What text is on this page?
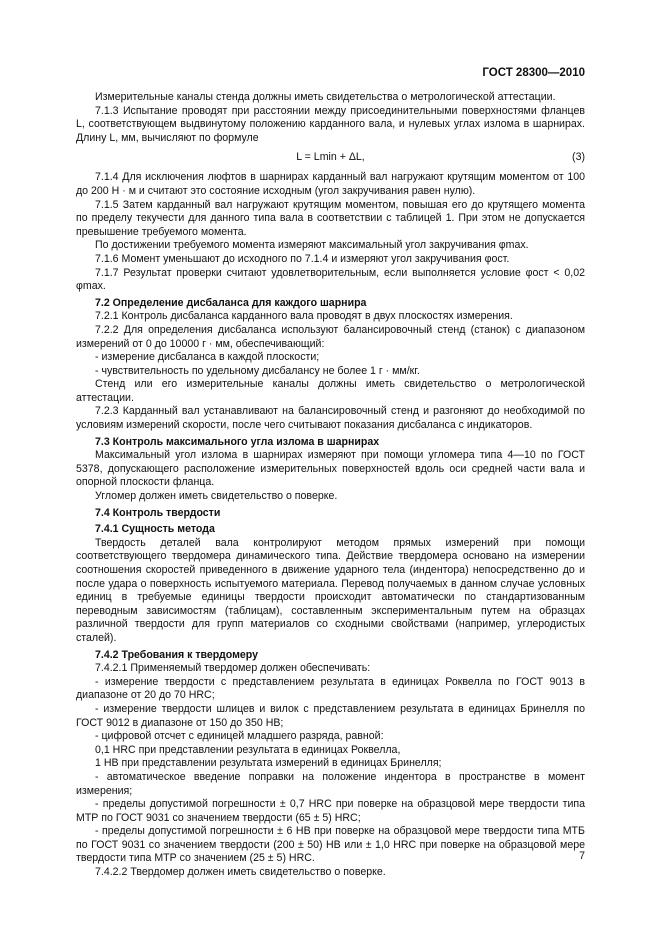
ГОСТ 28300—2010

Измерительные каналы стенда должны иметь свидетельства о метрологической аттестации.

7.1.3 Испытание проводят при расстоянии между присоединительными поверхностями фланцев L, соответствующем выдвинутому положению карданного вала, и нулевых углах излома в шарнирах. Длину L, мм, вычисляют по формуле

L = Lmin + ΔL,	(3)

7.1.4 Для исключения люфтов в шарнирах карданный вал нагружают крутящим моментом от 100 до 200 Н · м и считают это состояние исходным (угол закручивания равен нулю).

7.1.5 Затем карданный вал нагружают крутящим моментом, повышая его до крутящего момента по пределу текучести для данного типа вала в соответствии с таблицей 1. При этом не допускается превышение требуемого момента.

По достижении требуемого момента измеряют максимальный угол закручивания φmax.

7.1.6 Момент уменьшают до исходного по 7.1.4 и измеряют угол закручивания φост.

7.1.7 Результат проверки считают удовлетворительным, если выполняется условие φост < 0,02 φmax.

7.2 Определение дисбаланса для каждого шарнира

7.2.1 Контроль дисбаланса карданного вала проводят в двух плоскостях измерения.

7.2.2 Для определения дисбаланса используют балансировочный стенд (станок) с диапазоном измерений от 0 до 10000 г · мм, обеспечивающий:

- измерение дисбаланса в каждой плоскости;

- чувствительность по удельному дисбалансу не более 1 г · мм/кг.

Стенд или его измерительные каналы должны иметь свидетельство о метрологической аттестации.

7.2.3 Карданный вал устанавливают на балансировочный стенд и разгоняют до необходимой по условиям измерений скорости, после чего считывают показания дисбаланса с индикаторов.

7.3 Контроль максимального угла излома в шарнирах

Максимальный угол излома в шарнирах измеряют при помощи угломера типа 4—10 по ГОСТ 5378, допускающего расположение измерительных поверхностей вдоль оси средней части вала и опорной плоскости фланца.

Угломер должен иметь свидетельство о поверке.

7.4 Контроль твердости

7.4.1 Сущность метода

Твердость деталей вала контролируют методом прямых измерений при помощи соответствующего твердомера динамического типа. Действие твердомера основано на измерении соотношения скоростей приведенного в движение ударного тела (индентора) непосредственно до и после удара о поверхность испытуемого материала. Перевод получаемых в данном случае условных единиц в требуемые единицы твердости происходит автоматически по стандартизованным переводным зависимостям (таблицам), составленным экспериментальным путем на образцах различной твердости для групп материалов со сходными свойствами (например, углеродистых сталей).

7.4.2 Требования к твердомеру

7.4.2.1 Применяемый твердомер должен обеспечивать:

- измерение твердости с представлением результата в единицах Роквелла по ГОСТ 9013 в диапазоне от 20 до 70 HRC;

- измерение твердости шлицев и вилок с представлением результата в единицах Бринелля по ГОСТ 9012 в диапазоне от 150 до 350 НВ;

- цифровой отсчет с единицей младшего разряда, равной:

0,1 HRC при представлении результата в единицах Роквелла,

1 НВ при представлении результата измерений в единицах Бринелля;

- автоматическое введение поправки на положение индентора в пространстве в момент измерения;

- пределы допустимой погрешности ± 0,7 HRC при поверке на образцовой мере твердости типа МТР по ГОСТ 9031 со значением твердости (65 ± 5) HRC;

- пределы допустимой погрешности ± 6 НВ при поверке на образцовой мере твердости типа МТБ по ГОСТ 9031 со значением твердости (200 ± 50) НВ или ± 1,0 HRC при поверке на образцовой мере твердости типа МТР со значением (25 ± 5) HRC.

7.4.2.2 Твердомер должен иметь свидетельство о поверке.

7
